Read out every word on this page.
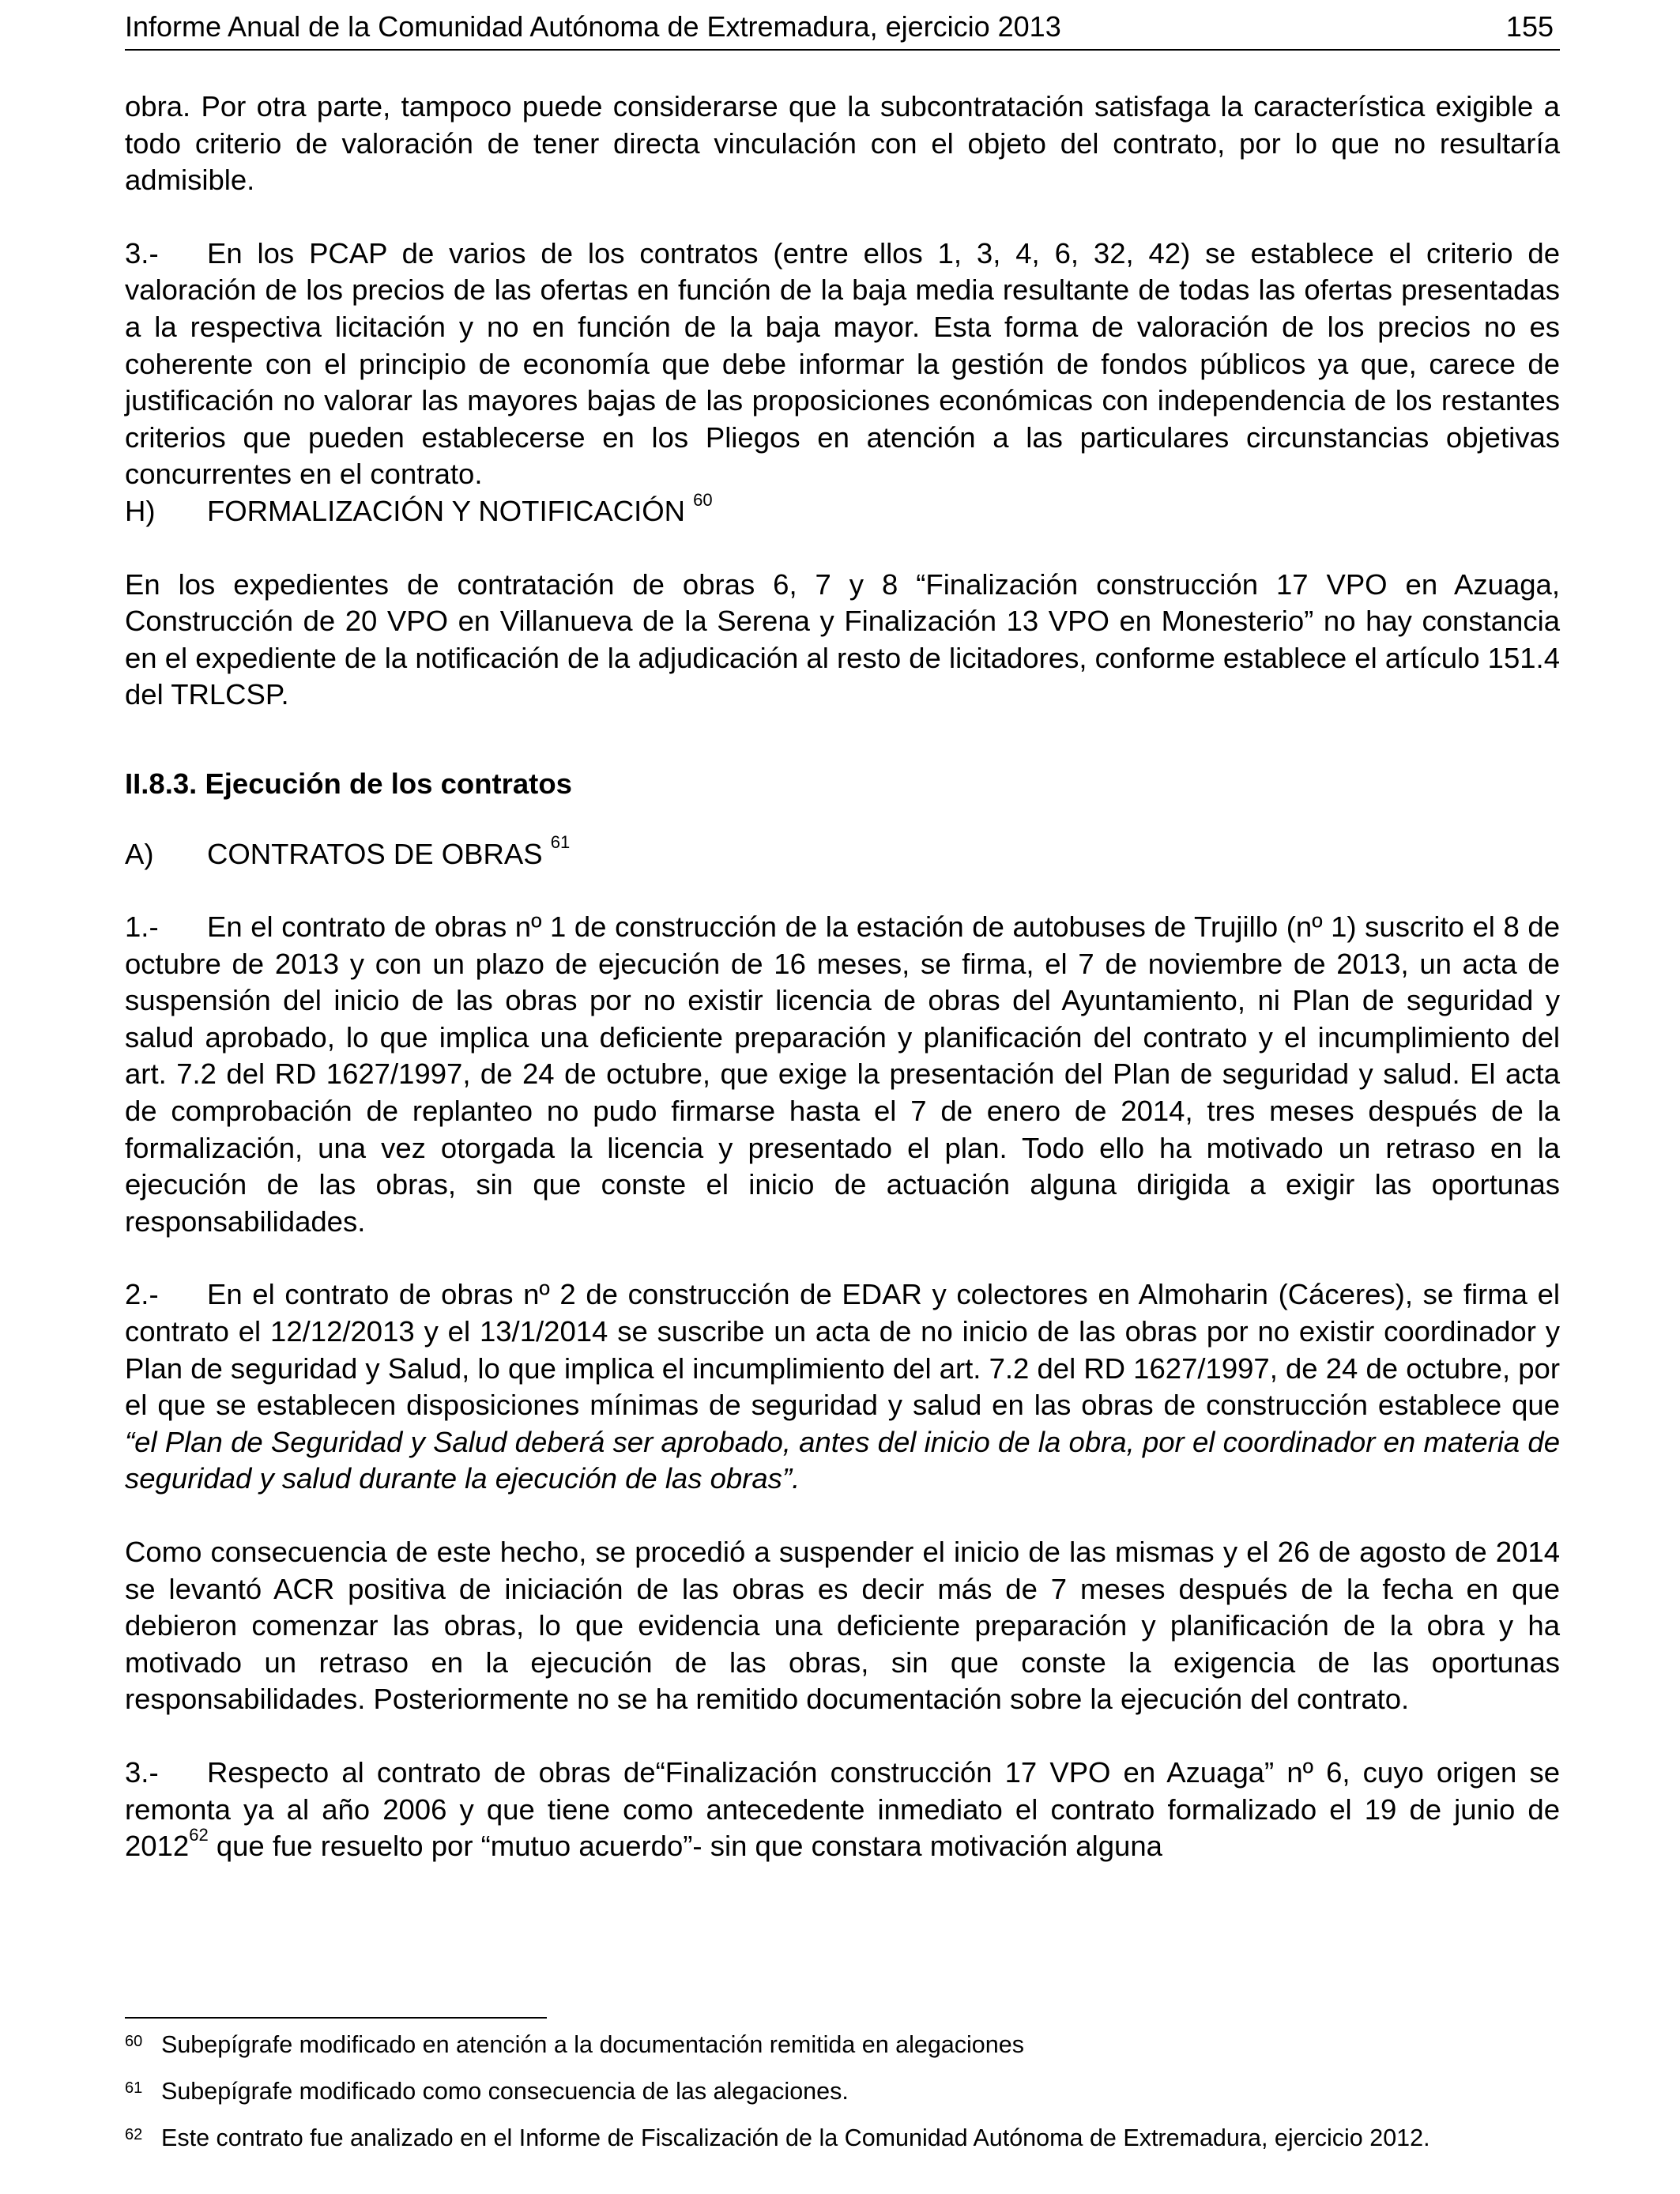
Informe Anual de la Comunidad Autónoma de Extremadura, ejercicio 2013	155

obra. Por otra parte, tampoco puede considerarse que la subcontratación satisfaga la característica exigible a todo criterio de valoración de tener directa vinculación con el objeto del contrato, por lo que no resultaría admisible.

3.- En los PCAP de varios de los contratos (entre ellos 1, 3, 4, 6, 32, 42) se establece el criterio de valoración de los precios de las ofertas en función de la baja media resultante de todas las ofertas presentadas a la respectiva licitación y no en función de la baja mayor. Esta forma de valoración de los precios no es coherente con el principio de economía que debe informar la gestión de fondos públicos ya que, carece de justificación no valorar las mayores bajas de las proposiciones económicas con independencia de los restantes criterios que pueden establecerse en los Pliegos en atención a las particulares circunstancias objetivas concurrentes en el contrato.

H) FORMALIZACIÓN Y NOTIFICACIÓN $^{60}$

En los expedientes de contratación de obras 6, 7 y 8 “Finalización construcción 17 VPO en Azuaga, Construcción de 20 VPO en Villanueva de la Serena y Finalización 13 VPO en Monesterio” no hay constancia en el expediente de la notificación de la adjudicación al resto de licitadores, conforme establece el artículo 151.4 del TRLCSP.

II.8.3. Ejecución de los contratos

A) CONTRATOS DE OBRAS $^{61}$

1.- En el contrato de obras nº 1 de construcción de la estación de autobuses de Trujillo (nº 1) suscrito el 8 de octubre de 2013 y con un plazo de ejecución de 16 meses, se firma, el 7 de noviembre de 2013, un acta de suspensión del inicio de las obras por no existir licencia de obras del Ayuntamiento, ni Plan de seguridad y salud aprobado, lo que implica una deficiente preparación y planificación del contrato y el incumplimiento del art. 7.2 del RD 1627/1997, de 24 de octubre, que exige la presentación del Plan de seguridad y salud. El acta de comprobación de replanteo no pudo firmarse hasta el 7 de enero de 2014, tres meses después de la formalización, una vez otorgada la licencia y presentado el plan. Todo ello ha motivado un retraso en la ejecución de las obras, sin que conste el inicio de actuación alguna dirigida a exigir las oportunas responsabilidades.

2.- En el contrato de obras nº 2 de construcción de EDAR y colectores en Almoharin (Cáceres), se firma el contrato el 12/12/2013 y el 13/1/2014 se suscribe un acta de no inicio de las obras por no existir coordinador y Plan de seguridad y Salud, lo que implica el incumplimiento del art. 7.2 del RD 1627/1997, de 24 de octubre, por el que se establecen disposiciones mínimas de seguridad y salud en las obras de construcción establece que “el Plan de Seguridad y Salud deberá ser aprobado, antes del inicio de la obra, por el coordinador en materia de seguridad y salud durante la ejecución de las obras”.

Como consecuencia de este hecho, se procedió a suspender el inicio de las mismas y el 26 de agosto de 2014 se levantó ACR positiva de iniciación de las obras es decir más de 7 meses después de la fecha en que debieron comenzar las obras, lo que evidencia una deficiente preparación y planificación de la obra y ha motivado un retraso en la ejecución de las obras, sin que conste la exigencia de las oportunas responsabilidades. Posteriormente no se ha remitido documentación sobre la ejecución del contrato.

3.- Respecto al contrato de obras de“Finalización construcción 17 VPO en Azuaga” nº 6, cuyo origen se remonta ya al año 2006 y que tiene como antecedente inmediato el contrato formalizado el 19 de junio de 2012$^{62}$ que fue resuelto por “mutuo acuerdo”- sin que constara motivación alguna

60 Subepígrafe modificado en atención a la documentación remitida en alegaciones

61 Subepígrafe modificado como consecuencia de las alegaciones.

62 Este contrato fue analizado en el Informe de Fiscalización de la Comunidad Autónoma de Extremadura, ejercicio 2012.
